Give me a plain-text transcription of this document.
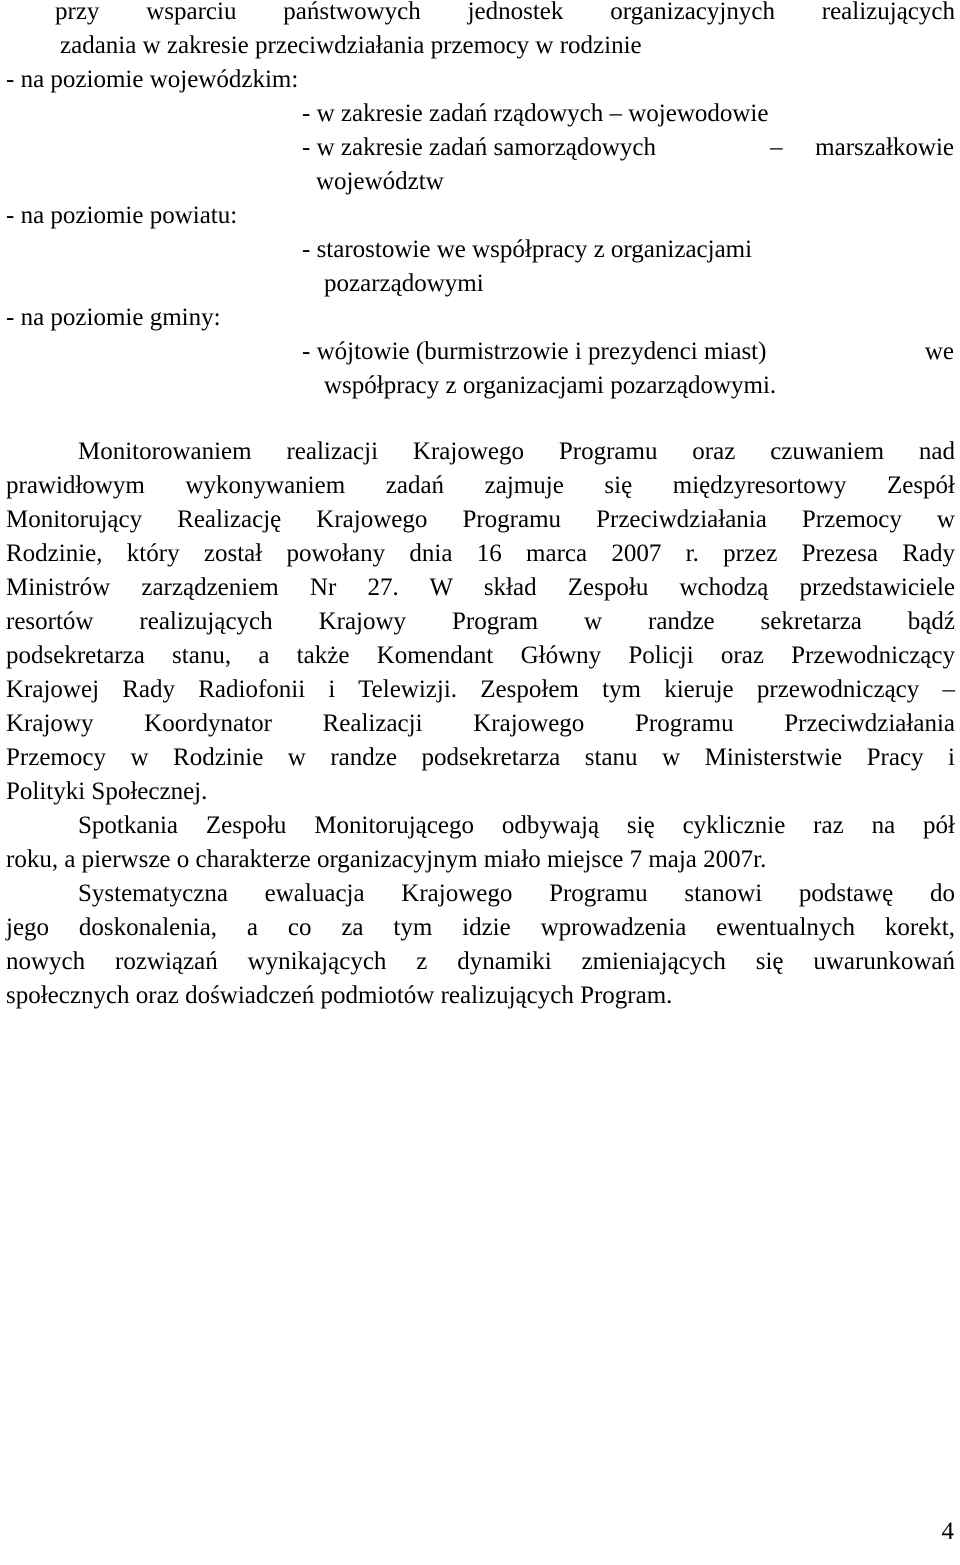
przy wsparciu państwowych jednostek organizacyjnych realizujących
zadania w zakresie przeciwdziałania przemocy w rodzinie
- na poziomie wojewódzkim:
- w zakresie zadań rządowych – wojewodowie
- w zakresie zadań samorządowych	– marszałkowie
województw
- na poziomie powiatu:
- starostowie we współpracy z organizacjami
pozarządowymi
- na poziomie gminy:
- wójtowie (burmistrzowie i prezydenci miast)	we
współpracy z organizacjami pozarządowymi.
Monitorowaniem realizacji Krajowego Programu oraz czuwaniem nad
prawidłowym wykonywaniem zadań zajmuje się międzyresortowy Zespół
Monitorujący Realizację Krajowego Programu Przeciwdziałania Przemocy w
Rodzinie, który został powołany dnia 16 marca 2007 r. przez Prezesa Rady
Ministrów zarządzeniem Nr 27. W skład Zespołu wchodzą przedstawiciele
resortów realizujących Krajowy Program w randze sekretarza bądź
podsekretarza stanu, a także Komendant Główny Policji oraz Przewodniczący
Krajowej Rady Radiofonii i Telewizji. Zespołem tym kieruje przewodniczący –
Krajowy Koordynator Realizacji Krajowego Programu Przeciwdziałania
Przemocy w Rodzinie w randze podsekretarza stanu w Ministerstwie Pracy i
Polityki Społecznej.
Spotkania Zespołu Monitorującego odbywają się cyklicznie raz na pół
roku, a pierwsze o charakterze organizacyjnym miało miejsce 7 maja 2007r.
Systematyczna ewaluacja Krajowego Programu stanowi podstawę do
jego doskonalenia, a co za tym idzie wprowadzenia ewentualnych korekt,
nowych rozwiązań wynikających z dynamiki zmieniających się uwarunkowań
społecznych oraz doświadczeń podmiotów realizujących Program.
4
